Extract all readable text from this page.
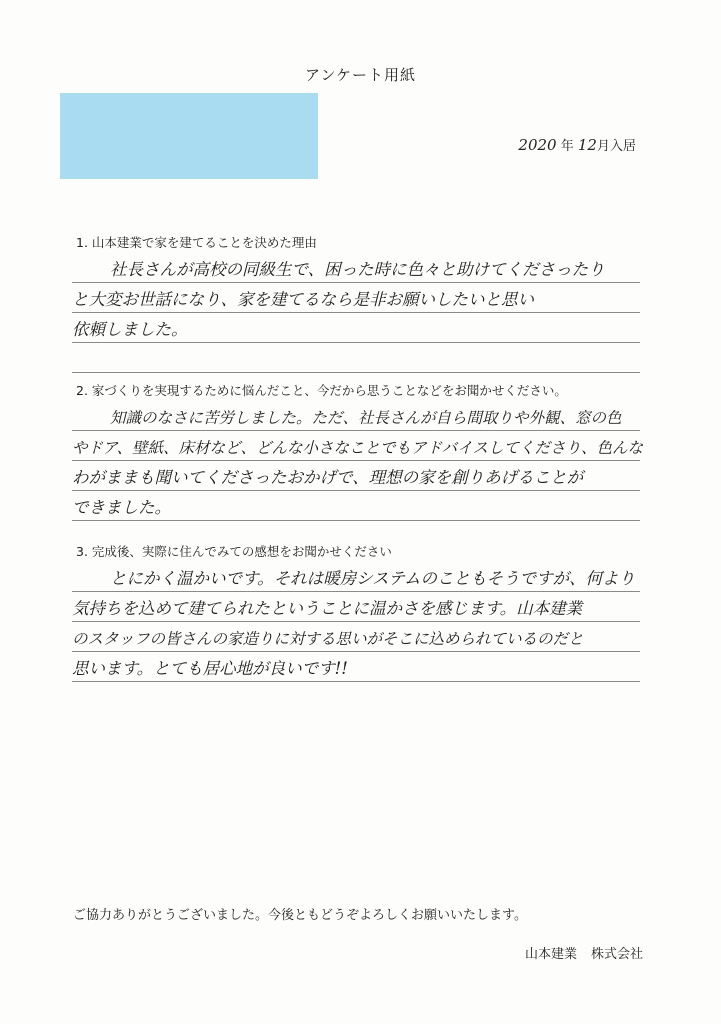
アンケート用紙
2020 年 12月入居
1. 山本建業で家を建てることを決めた理由
社長さんが高校の同級生で、困った時に色々と助けてくださったり
と大変お世話になり、家を建てるなら是非お願いしたいと思い
依頼しました。
2. 家づくりを実現するために悩んだこと、今だから思うことなどをお聞かせください。
知識のなさに苦労しました。ただ、社長さんが自ら間取りや外観、窓の色
やドア、壁紙、床材など、どんな小さなことでもアドバイスしてくださり、色んな
わがままも聞いてくださったおかげで、理想の家を創りあげることが
できました。
3. 完成後、実際に住んでみての感想をお聞かせください
とにかく温かいです。それは暖房システムのこともそうですが、何より
気持ちを込めて建てられたということに温かさを感じます。山本建業
のスタッフの皆さんの家造りに対する思いがそこに込められているのだと
思います。とても居心地が良いです!!
ご協力ありがとうございました。今後ともどうぞよろしくお願いいたします。
山本建業 株式会社
